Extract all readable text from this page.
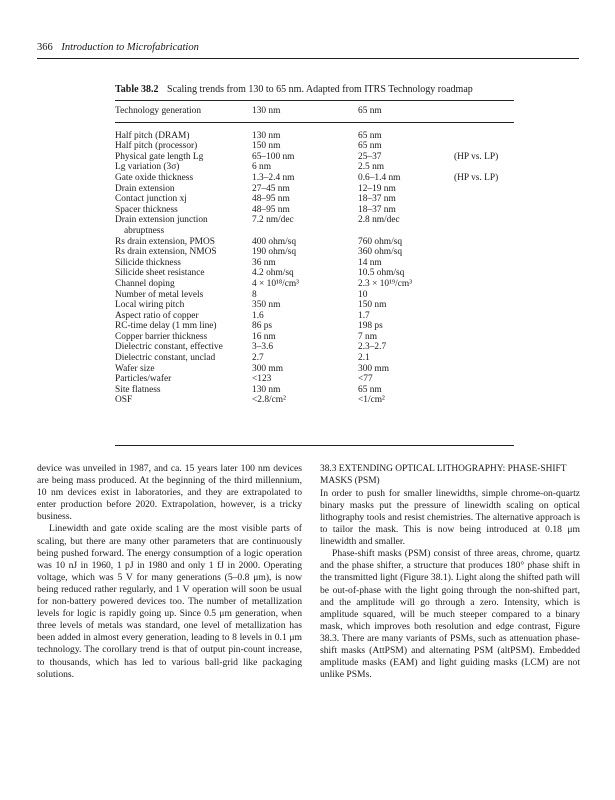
366 Introduction to Microfabrication
Table 38.2 Scaling trends from 130 to 65 nm. Adapted from ITRS Technology roadmap
Technology generation	130 nm	65 nm	
Half pitch (DRAM)	130 nm	65 nm	
Half pitch (processor)	150 nm	65 nm	
Physical gate length Lg	65–100 nm	25–37	(HP vs. LP)
Lg variation (3σ)	6 nm	2.5 nm	
Gate oxide thickness	1.3–2.4 nm	0.6–1.4 nm	(HP vs. LP)
Drain extension	27–45 nm	12–19 nm	
Contact junction xj	48–95 nm	18–37 nm	
Spacer thickness	48–95 nm	18–37 nm	
Drain extension junction
abruptness	7.2 nm/dec	2.8 nm/dec	
Rs drain extension, PMOS	400 ohm/sq	760 ohm/sq	
Rs drain extension, NMOS	190 ohm/sq	360 ohm/sq	
Silicide thickness	36 nm	14 nm	
Silicide sheet resistance	4.2 ohm/sq	10.5 ohm/sq	
Channel doping	4 × 10¹⁸/cm³	2.3 × 10¹⁹/cm³	
Number of metal levels	8	10	
Local wiring pitch	350 nm	150 nm	
Aspect ratio of copper	1.6	1.7	
RC-time delay (1 mm line)	86 ps	198 ps	
Copper barrier thickness	16 nm	7 nm	
Dielectric constant, effective	3–3.6	2.3–2.7	
Dielectric constant, unclad	2.7	2.1	
Wafer size	300 mm	300 mm	
Particles/wafer	<123	<77	
Site flatness	130 nm	65 nm	
OSF	<2.8/cm²	<1/cm²	

device was unveiled in 1987, and ca. 15 years later 100 nm devices are being mass produced. At the beginning of the third millennium, 10 nm devices exist in laboratories, and they are extrapolated to enter production before 2020. Extrapolation, however, is a tricky business.

Linewidth and gate oxide scaling are the most visible parts of scaling, but there are many other parameters that are continuously being pushed forward. The energy consumption of a logic operation was 10 nJ in 1960, 1 pJ in 1980 and only 1 fJ in 2000. Operating voltage, which was 5 V for many generations (5–0.8 μm), is now being reduced rather regularly, and 1 V operation will soon be usual for non-battery powered devices too. The number of metallization levels for logic is rapidly going up. Since 0.5 μm generation, when three levels of metals was standard, one level of metallization has been added in almost every generation, leading to 8 levels in 0.1 μm technology. The corollary trend is that of output pin-count increase, to thousands, which has led to various ball-grid like packaging solutions.

38.3 EXTENDING OPTICAL LITHOGRAPHY: PHASE-SHIFT MASKS (PSM)

In order to push for smaller linewidths, simple chrome-on-quartz binary masks put the pressure of linewidth scaling on optical lithography tools and resist chemistries. The alternative approach is to tailor the mask. This is now being introduced at 0.18 μm linewidth and smaller.

Phase-shift masks (PSM) consist of three areas, chrome, quartz and the phase shifter, a structure that produces 180° phase shift in the transmitted light (Figure 38.1). Light along the shifted path will be out-of-phase with the light going through the non-shifted part, and the amplitude will go through a zero. Intensity, which is amplitude squared, will be much steeper compared to a binary mask, which improves both resolution and edge contrast, Figure 38.3. There are many variants of PSMs, such as attenuation phase-shift masks (AttPSM) and alternating PSM (altPSM). Embedded amplitude masks (EAM) and light guiding masks (LCM) are not unlike PSMs.
